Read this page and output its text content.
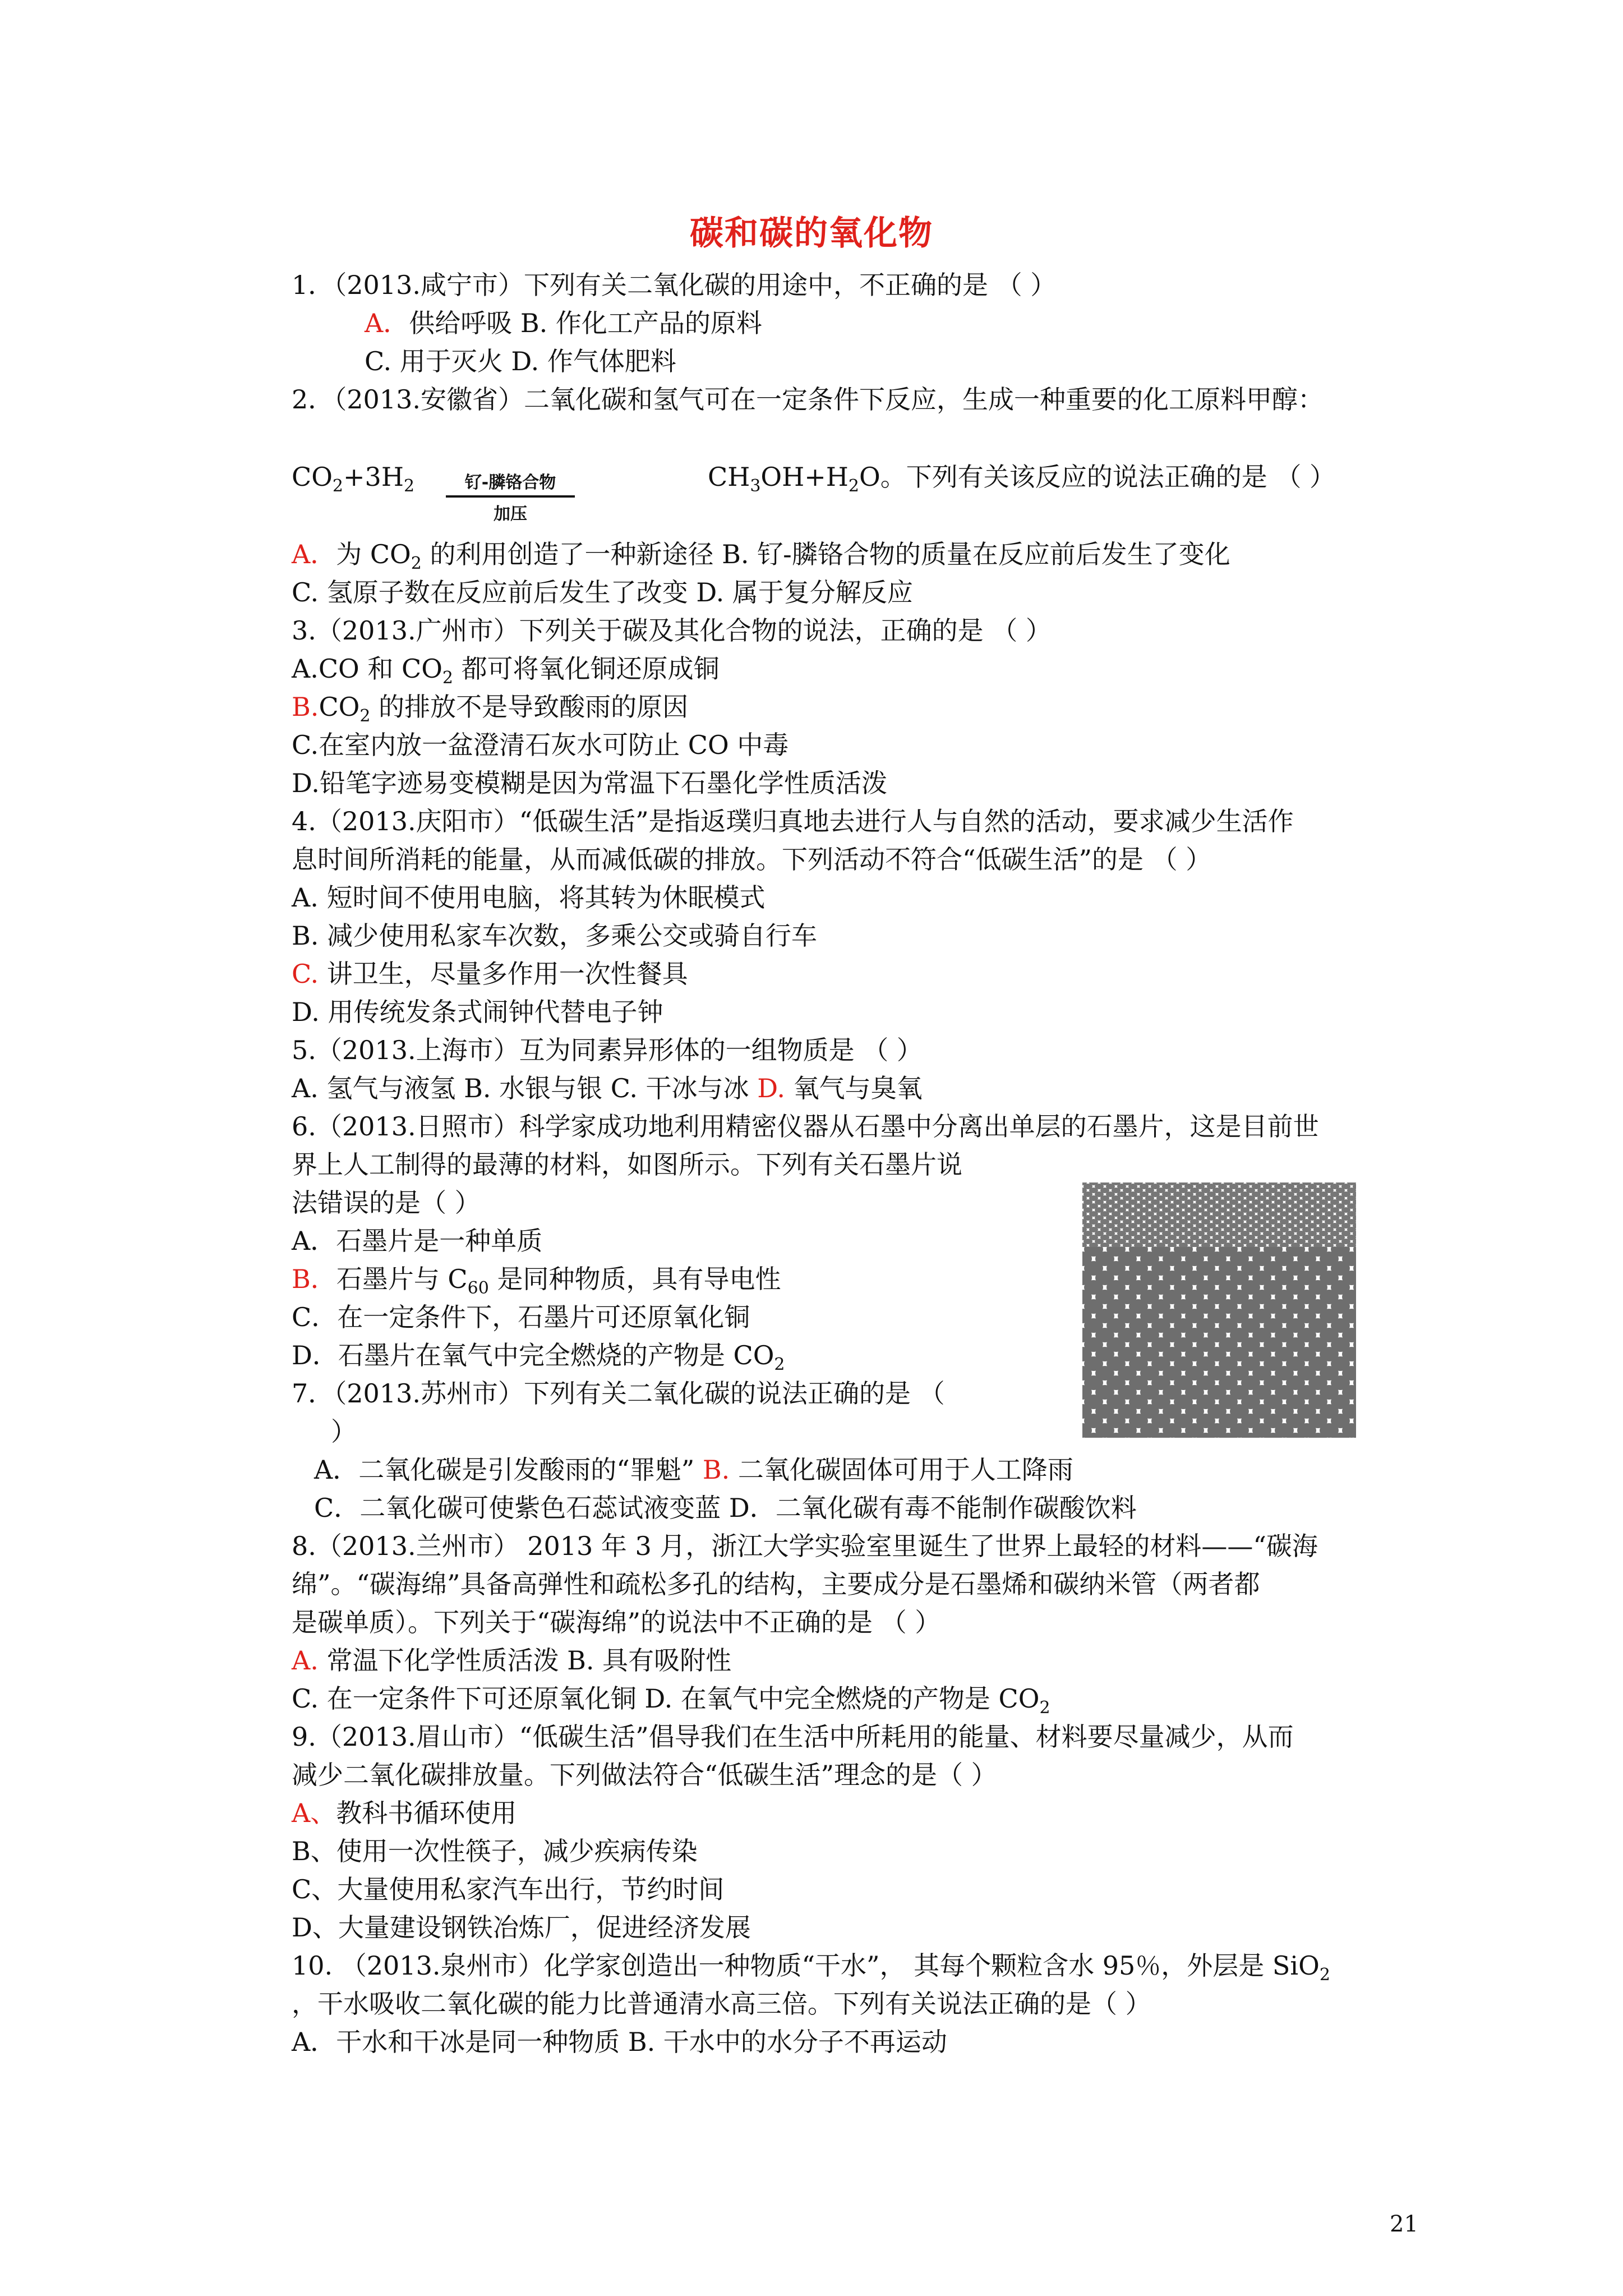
碳和碳的氧化物
1．（2013.咸宁市）下列有关二氧化碳的用途中，不正确的是 （ ）
A．供给呼吸 B. 作化工产品的原料
C. 用于灭火 D. 作气体肥料
2．（2013.安徽省）二氧化碳和氢气可在一定条件下反应，生成一种重要的化工原料甲醇：
$CO_2+3H_2$	$CH_3OH+H_2O$。下列有关该反应的说法正确的是 （ ）
A．为 $CO_2$ 的利用创造了一种新途径 B. 钌-膦铬合物的质量在反应前后发生了变化
C. 氢原子数在反应前后发生了改变 D. 属于复分解反应
3.（2013.广州市）下列关于碳及其化合物的说法，正确的是 （ ）
A.CO 和 $CO_2$ 都可将氧化铜还原成铜
$B.CO_2$ 的排放不是导致酸雨的原因
C.在室内放一盆澄清石灰水可防止 CO 中毒
D.铅笔字迹易变模糊是因为常温下石墨化学性质活泼
4.（2013.庆阳市）“低碳生活”是指返璞归真地去进行人与自然的活动，要求减少生活作
息时间所消耗的能量，从而减低碳的排放。下列活动不符合“低碳生活”的是 （ ）
A. 短时间不使用电脑，将其转为休眠模式
B. 减少使用私家车次数，多乘公交或骑自行车
C. 讲卫生，尽量多作用一次性餐具
D. 用传统发条式闹钟代替电子钟
5.（2013.上海市）互为同素异形体的一组物质是 （ ）
A. 氢气与液氢 B. 水银与银 C. 干冰与冰 D. 氧气与臭氧
6.（2013.日照市）科学家成功地利用精密仪器从石墨中分离出单层的石墨片，这是目前世
界上人工制得的最薄的材料，如图所示。下列有关石墨片说
法错误的是（ ）
A．石墨片是一种单质
B．石墨片与 $C_{60}$ 是同种物质，具有导电性
C．在一定条件下，石墨片可还原氧化铜
D．石墨片在氧气中完全燃烧的产物是 $CO_2$
7．（2013.苏州市）下列有关二氧化碳的说法正确的是 （
）
A．二氧化碳是引发酸雨的“罪魁” B. 二氧化碳固体可用于人工降雨
C．二氧化碳可使紫色石蕊试液变蓝 D．二氧化碳有毒不能制作碳酸饮料
8.（2013.兰州市） 2013 年 3 月，浙江大学实验室里诞生了世界上最轻的材料——“碳海
绵”。“碳海绵”具备高弹性和疏松多孔的结构，主要成分是石墨烯和碳纳米管（两者都
是碳单质）。下列关于“碳海绵”的说法中不正确的是 （ ）
A. 常温下化学性质活泼 B. 具有吸附性
C. 在一定条件下可还原氧化铜 D. 在氧气中完全燃烧的产物是 $CO_2$
9.（2013.眉山市）“低碳生活”倡导我们在生活中所耗用的能量、材料要尽量减少，从而
减少二氧化碳排放量。下列做法符合“低碳生活”理念的是（ ）
A、教科书循环使用
B、使用一次性筷子，减少疾病传染
C、大量使用私家汽车出行，节约时间
D、大量建设钢铁冶炼厂，促进经济发展
10. （2013.泉州市）化学家创造出一种物质“干水”， 其每个颗粒含水 95％，外层是 SiO$_2$
，干水吸收二氧化碳的能力比普通清水高三倍。下列有关说法正确的是（ ）
A．干水和干冰是同一种物质 B. 干水中的水分子不再运动
钌-膦铬合物
加压
21
